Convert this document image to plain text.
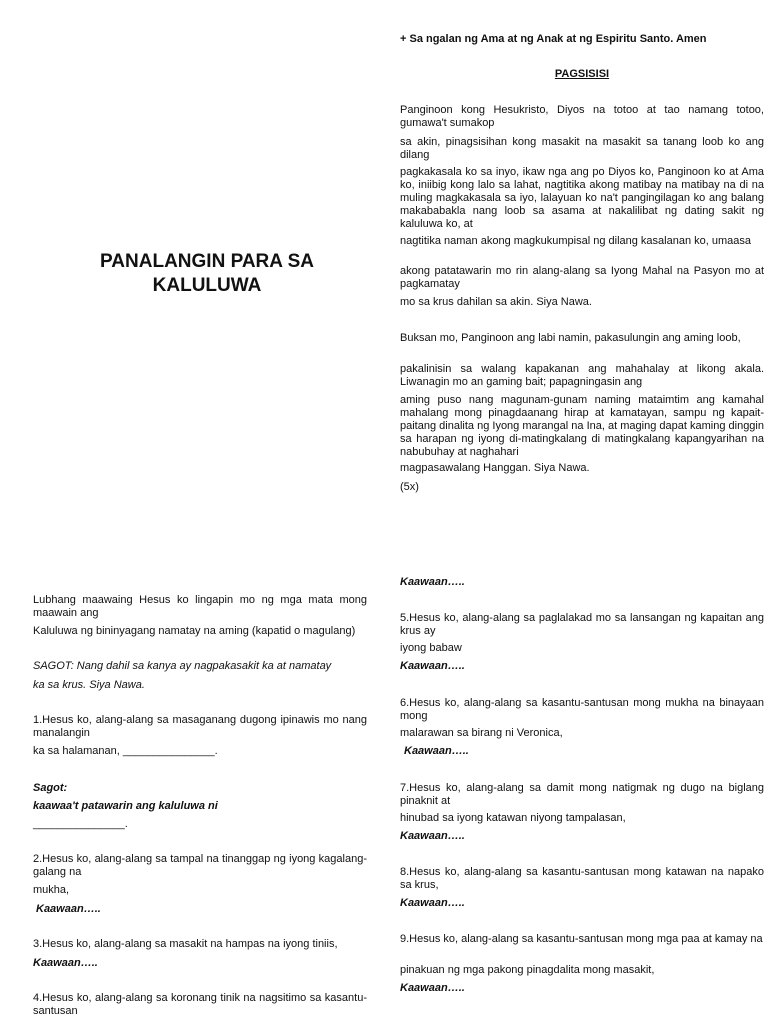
PANALANGIN PARA SA
KALULUWA

+ Sa ngalan ng Ama at ng Anak at ng Espiritu Santo. Amen

PAGSISISI

Panginoon kong Hesukristo, Diyos na totoo at tao namang totoo, gumawa't sumakop

sa akin, pinagsisihan kong masakit na masakit sa tanang loob ko ang dilang

pagkakasala ko sa inyo, ikaw nga ang po Diyos ko, Panginoon ko at Ama ko, iniibig kong lalo sa lahat, nagtitika akong matibay na matibay na di na muling magkakasala sa iyo, lalayuan ko na't pangingilagan ko ang balang makababakla nang loob sa asama at nakalilibat ng dating sakit ng kaluluwa ko, at

nagtitika naman akong magkukumpisal ng dilang kasalanan ko, umaasa

akong patatawarin mo rin alang-alang sa Iyong Mahal na Pasyon mo at pagkamatay

mo sa krus dahilan sa akin. Siya Nawa.

Buksan mo, Panginoon ang labi namin, pakasulungin ang aming loob,

pakalinisin sa walang kapakanan ang mahahalay at likong akala. Liwanagin mo an gaming bait; papagningasin ang

aming puso nang magunam-gunam naming mataimtim ang kamahal mahalang mong pinagdaanang hirap at kamatayan, sampu ng kapait-paitang dinalita ng Iyong marangal na Ina, at maging dapat kaming dinggin sa harapan ng iyong di-matingkalang di matingkalang kapangyarihan na nabubuhay at naghahari

magpasawalang Hanggan. Siya Nawa.

(5x)

Lubhang maawaing Hesus ko lingapin mo ng mga mata mong maawain ang

Kaluluwa ng bininyagang namatay na aming (kapatid o magulang)

SAGOT: Nang dahil sa kanya ay nagpakasakit ka at namatay

ka sa krus. Siya Nawa.

1.Hesus ko, alang-alang sa masaganang dugong ipinawis mo nang manalangin

ka sa halamanan, _______________.

Sagot:

kaawaa't patawarin ang kaluluwa ni

_______________.

2.Hesus ko, alang-alang sa tampal na tinanggap ng iyong kagalang-galang na

mukha,

Kaawaan…..

3.Hesus ko, alang-alang sa masakit na hampas na iyong tiniis,

Kaawaan…..

4.Hesus ko, alang-alang sa koronang tinik na nagsitimo sa kasantu-santusan

Kaawaan…..

5.Hesus ko, alang-alang sa paglalakad mo sa lansangan ng kapaitan ang krus ay

iyong babaw

Kaawaan…..

6.Hesus ko, alang-alang sa kasantu-santusan mong mukha na binayaan mong

malarawan sa birang ni Veronica,

Kaawaan…..

7.Hesus ko, alang-alang sa damit mong natigmak ng dugo na biglang pinaknit at

hinubad sa iyong katawan niyong tampalasan,

Kaawaan…..

8.Hesus ko, alang-alang sa kasantu-santusan mong katawan na napako sa krus,

Kaawaan…..

9.Hesus ko, alang-alang sa kasantu-santusan mong mga paa at kamay na

pinakuan ng mga pakong pinagdalita mong masakit,

Kaawaan…..
